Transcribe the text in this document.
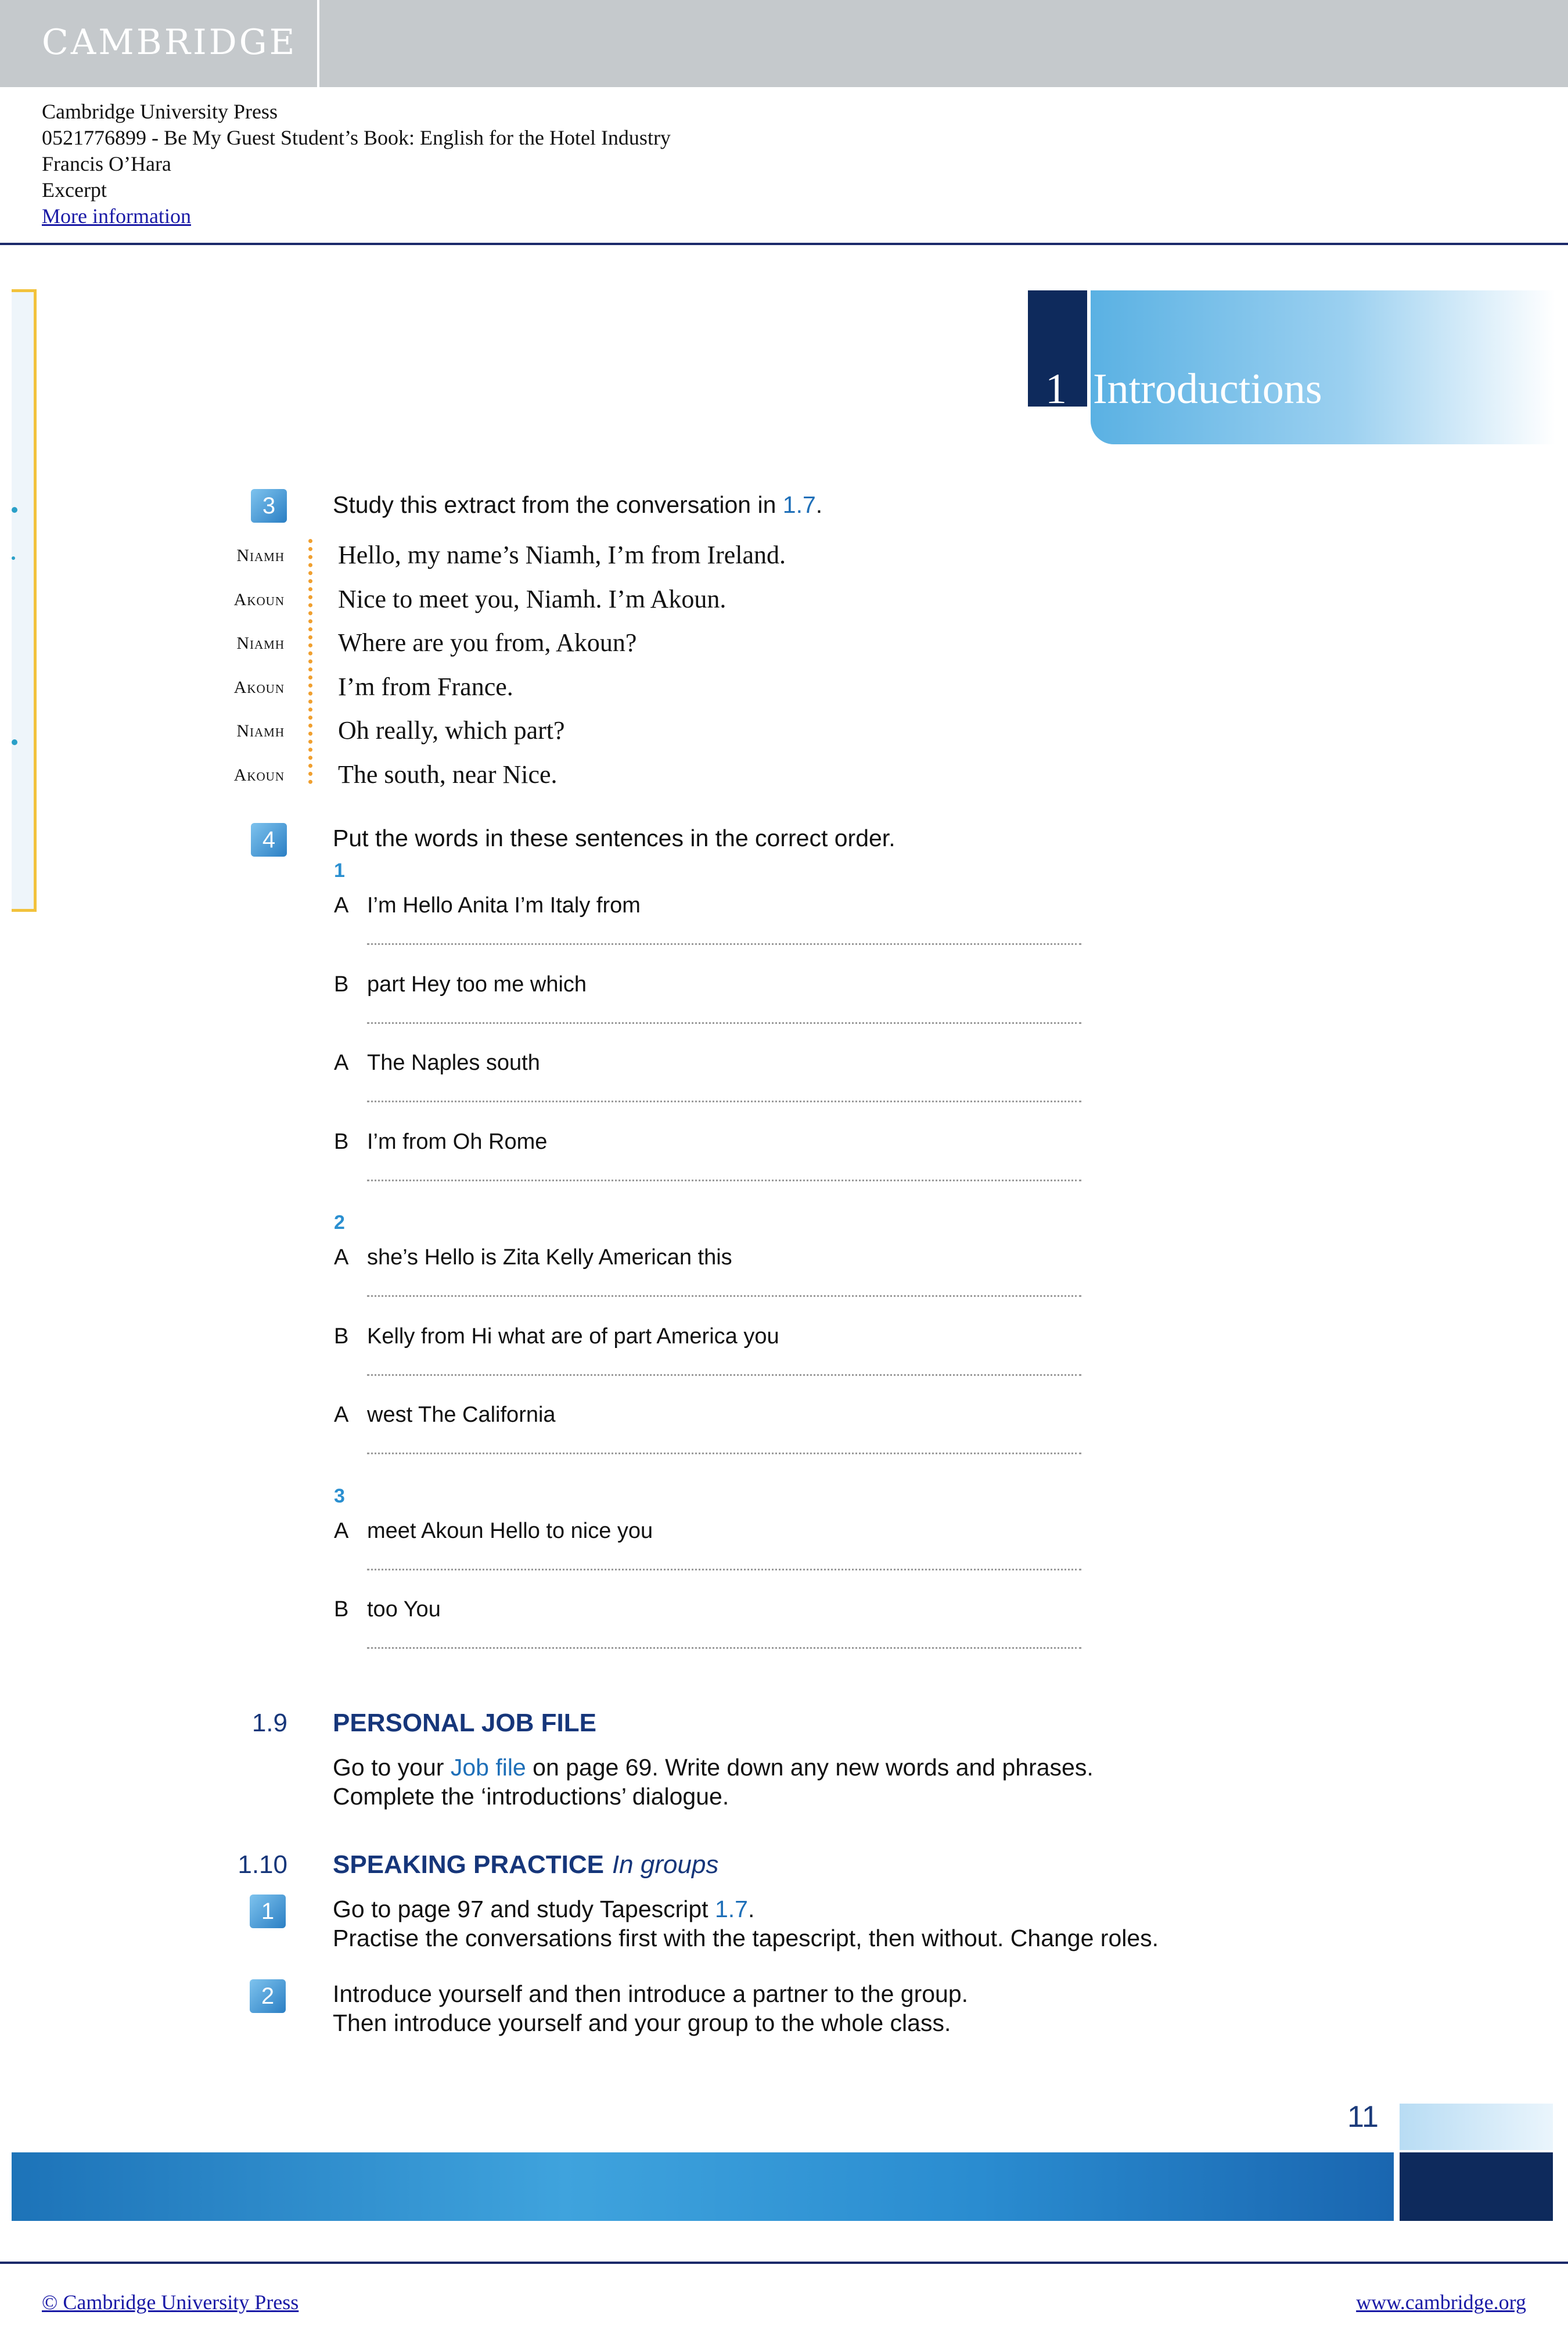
CAMBRIDGE
Cambridge University Press
0521776899 - Be My Guest Student’s Book: English for the Hotel Industry
Francis O’Hara
Excerpt
More information
1 Introductions
3	Study this extract from the conversation in 1.7.
Niamh Hello, my name’s Niamh, I’m from Ireland.
Akoun Nice to meet you, Niamh. I’m Akoun.
Niamh Where are you from, Akoun?
Akoun I’m from France.
Niamh Oh really, which part?
Akoun The south, near Nice.
4	Put the words in these sentences in the correct order.
1
A I’m Hello Anita I’m Italy from
B part Hey too me which
A The Naples south
B I’m from Oh Rome
2
A she’s Hello is Zita Kelly American this
B Kelly from Hi what are of part America you
A west The California
3
A meet Akoun Hello to nice you
B too You
1.9 PERSONAL JOB FILE
Go to your Job file on page 69. Write down any new words and phrases.
Complete the ‘introductions’ dialogue.
1.10 SPEAKING PRACTICE In groups
1	Go to page 97 and study Tapescript 1.7.
Practise the conversations first with the tapescript, then without. Change roles.
2	Introduce yourself and then introduce a partner to the group.
Then introduce yourself and your group to the whole class.
11
© Cambridge University Press	www.cambridge.org
